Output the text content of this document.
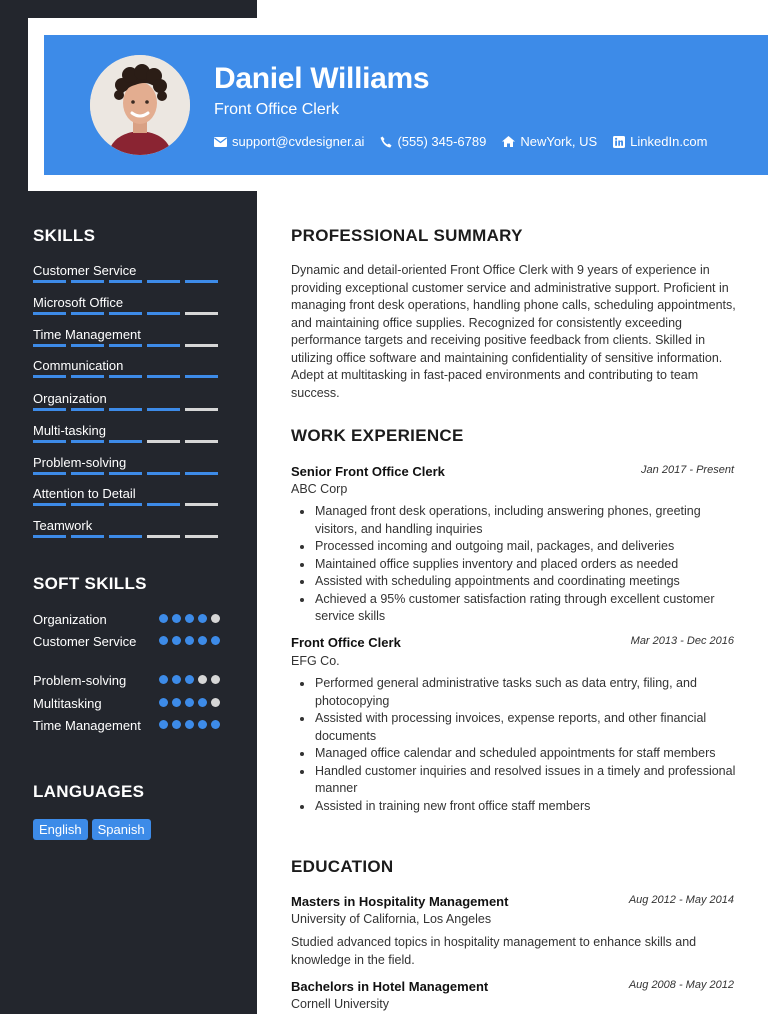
Daniel Williams
Front Office Clerk
support@cvdesigner.ai	(555) 345-6789	NewYork, US	LinkedIn.com
SKILLS
Customer Service
Microsoft Office
Time Management
Communication
Organization
Multi-tasking
Problem-solving
Attention to Detail
Teamwork
SOFT SKILLS
Organization
Customer Service
Problem-solving
Multitasking
Time Management
LANGUAGES
English	Spanish
PROFESSIONAL SUMMARY
Dynamic and detail-oriented Front Office Clerk with 9 years of experience in providing exceptional customer service and administrative support. Proficient in managing front desk operations, handling phone calls, scheduling appointments, and maintaining office supplies. Recognized for consistently exceeding performance targets and receiving positive feedback from clients. Skilled in utilizing office software and maintaining confidentiality of sensitive information. Adept at multitasking in fast-paced environments and contributing to team success.
WORK EXPERIENCE
Senior Front Office Clerk	Jan 2017 - Present
ABC Corp
Managed front desk operations, including answering phones, greeting visitors, and handling inquiries
Processed incoming and outgoing mail, packages, and deliveries
Maintained office supplies inventory and placed orders as needed
Assisted with scheduling appointments and coordinating meetings
Achieved a 95% customer satisfaction rating through excellent customer service skills
Front Office Clerk	Mar 2013 - Dec 2016
EFG Co.
Performed general administrative tasks such as data entry, filing, and photocopying
Assisted with processing invoices, expense reports, and other financial documents
Managed office calendar and scheduled appointments for staff members
Handled customer inquiries and resolved issues in a timely and professional manner
Assisted in training new front office staff members
EDUCATION
Masters in Hospitality Management	Aug 2012 - May 2014
University of California, Los Angeles
Studied advanced topics in hospitality management to enhance skills and knowledge in the field.
Bachelors in Hotel Management	Aug 2008 - May 2012
Cornell University
